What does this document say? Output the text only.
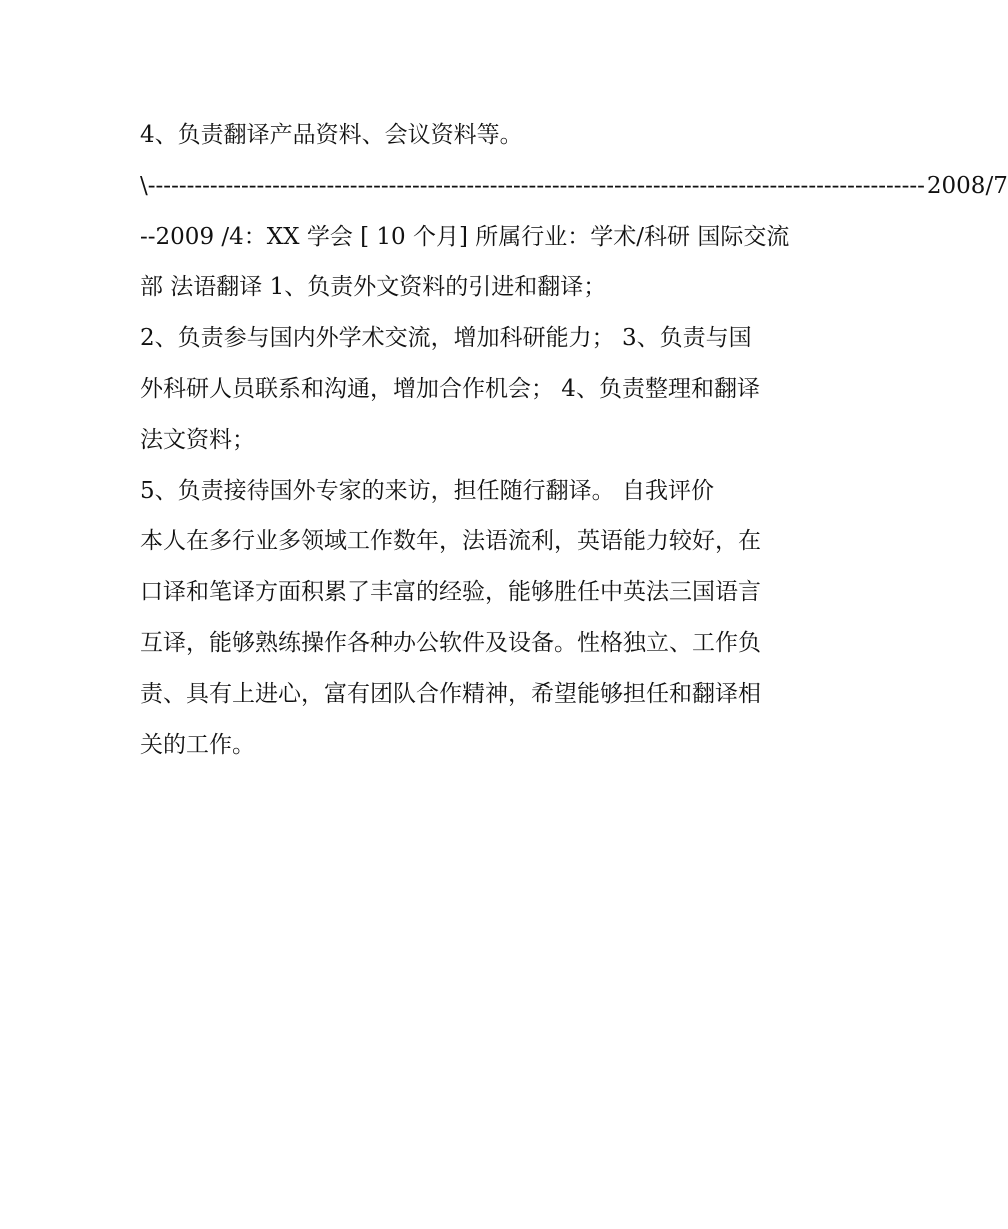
4、负责翻译产品资料、会议资料等。
\---------------------------------------------------------------------------------------------------- 2008/7
--2009 /4：XX 学会 [ 10 个月] 所属行业：学术/科研 国际交流
部 法语翻译 1、负责外文资料的引进和翻译；
2、负责参与国内外学术交流，增加科研能力； 3、负责与国
外科研人员联系和沟通，增加合作机会； 4、负责整理和翻译
法文资料；
5、负责接待国外专家的来访，担任随行翻译。 自我评价
本人在多行业多领域工作数年，法语流利，英语能力较好，在
口译和笔译方面积累了丰富的经验，能够胜任中英法三国语言
互译，能够熟练操作各种办公软件及设备。性格独立、工作负
责、具有上进心，富有团队合作精神，希望能够担任和翻译相
关的工作。
